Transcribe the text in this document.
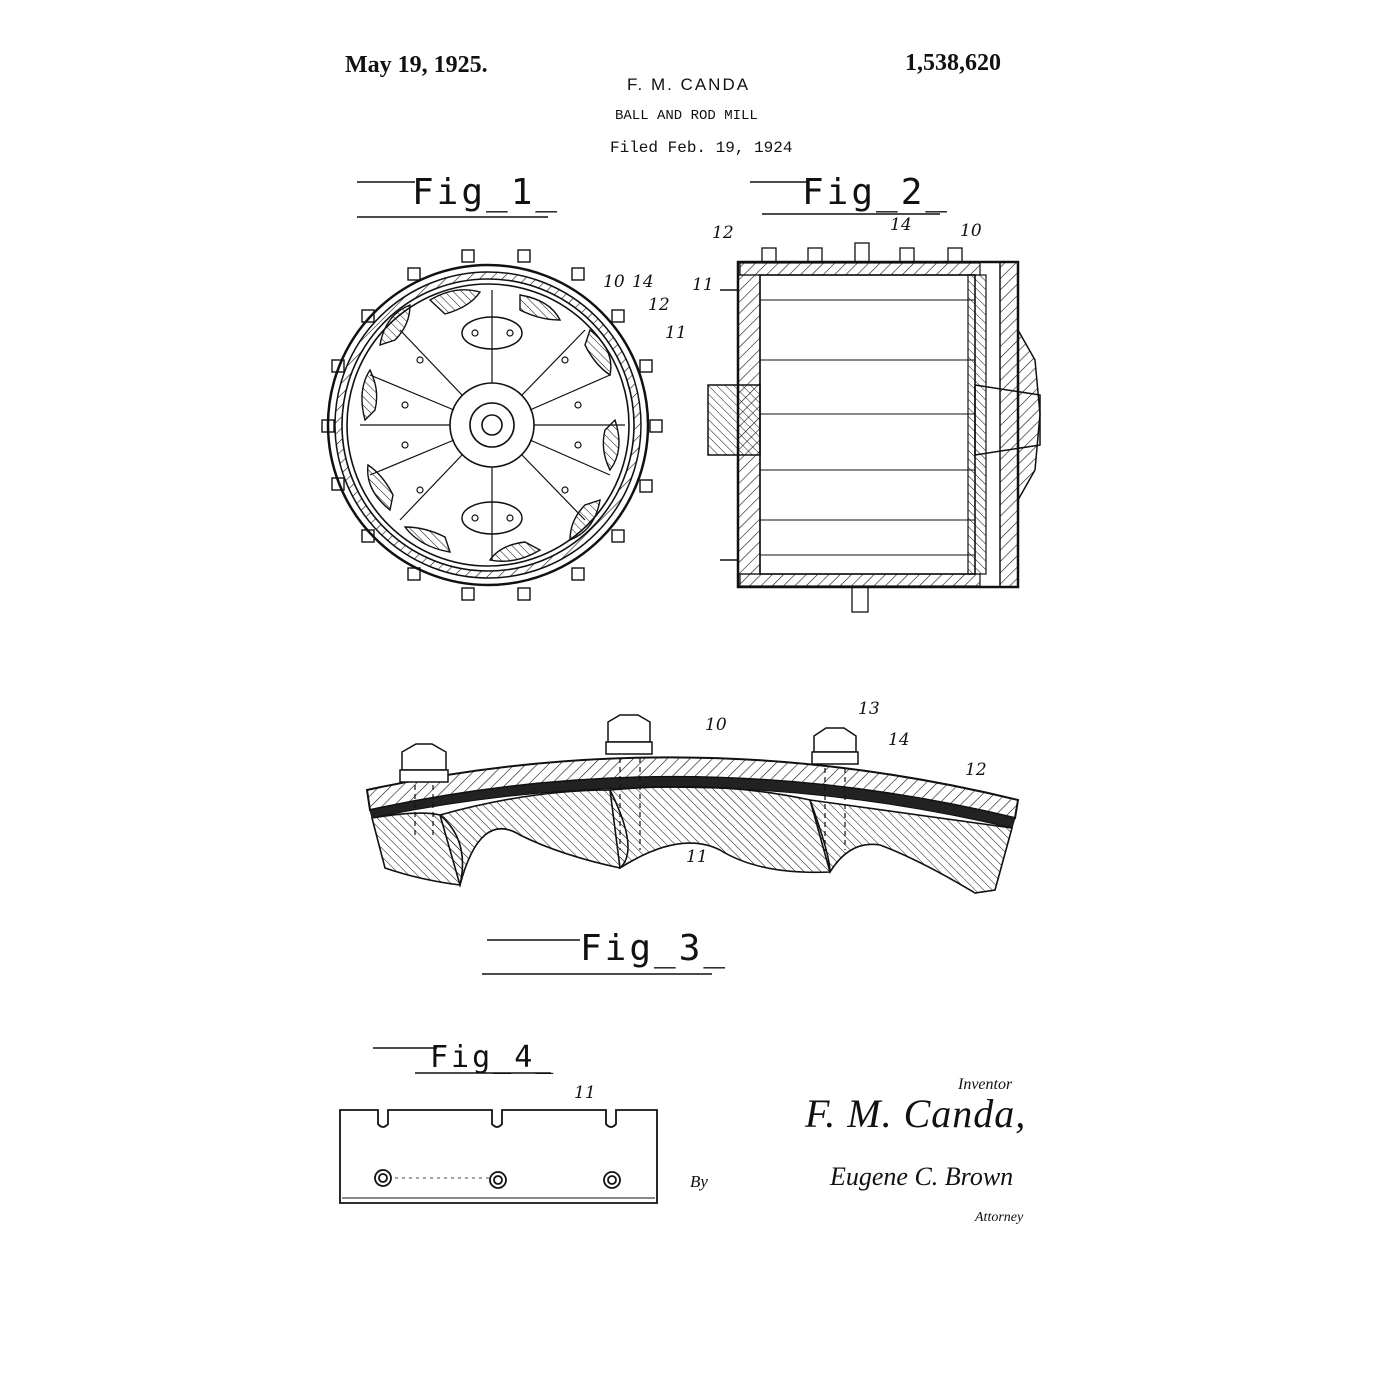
May 19, 1925.	1,538,620
F. M. CANDA
BALL AND ROD MILL
Filed Feb. 19, 1924
Fig_1_	Fig_2_
Fig_3_
Fig_4_
10 14
12
11
12	14	10
11
13
10
14
12
11
11	Inventor
F. M. Canda,
By	Eugene C. Brown
Attorney
